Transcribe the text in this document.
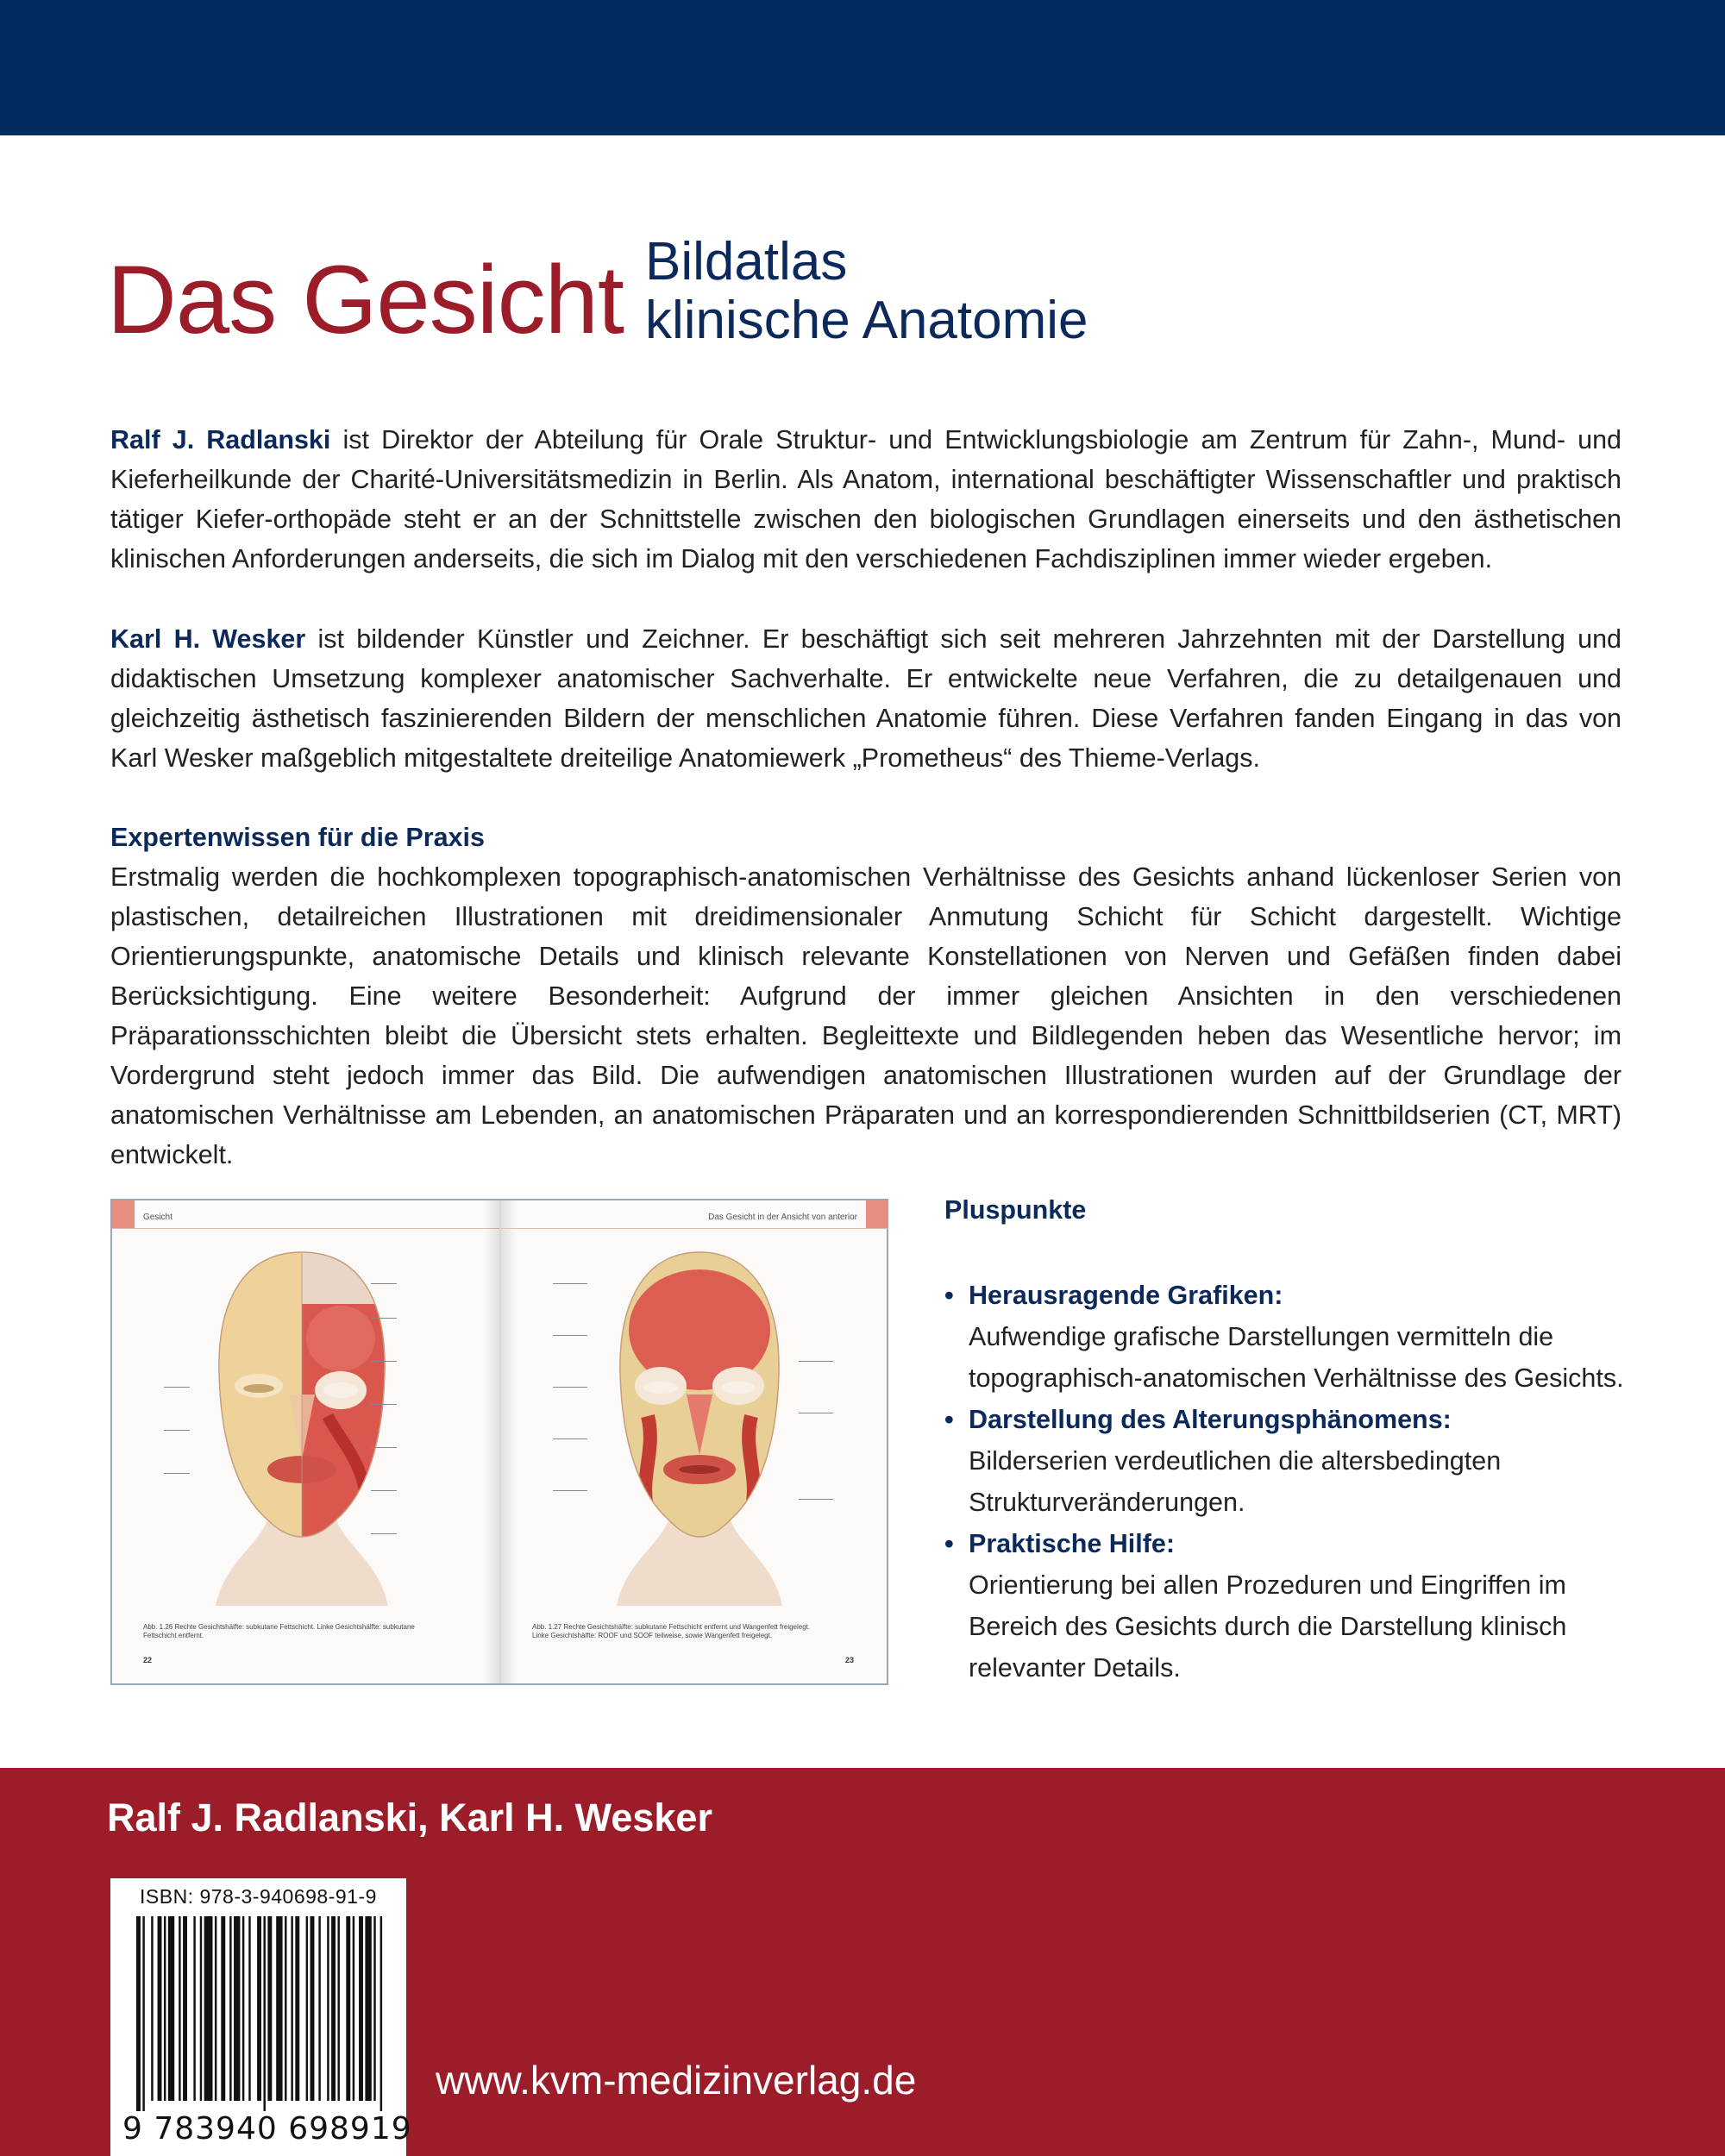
Das Gesicht Bildatlas
klinische Anatomie

Ralf J. Radlanski ist Direktor der Abteilung für Orale Struktur- und Entwicklungsbiologie am Zentrum für Zahn-, Mund- und Kieferheilkunde der Charité-Universitätsmedizin in Berlin. Als Anatom, international beschäftigter Wissenschaftler und praktisch tätiger Kiefer-orthopäde steht er an der Schnittstelle zwischen den biologischen Grundlagen einerseits und den ästhetischen klinischen Anforderungen anderseits, die sich im Dialog mit den verschiedenen Fachdisziplinen immer wieder ergeben.

Karl H. Wesker ist bildender Künstler und Zeichner. Er beschäftigt sich seit mehreren Jahrzehnten mit der Darstellung und didaktischen Umsetzung komplexer anatomischer Sachverhalte. Er entwickelte neue Verfahren, die zu detailgenauen und gleichzeitig ästhetisch faszinierenden Bildern der menschlichen Anatomie führen. Diese Verfahren fanden Eingang in das von Karl Wesker maßgeblich mitgestaltete dreiteilige Anatomiewerk „Prometheus“ des Thieme-Verlags.

Expertenwissen für die Praxis

Erstmalig werden die hochkomplexen topographisch-anatomischen Verhältnisse des Gesichts anhand lückenloser Serien von plastischen, detailreichen Illustrationen mit dreidimensionaler Anmutung Schicht für Schicht dargestellt. Wichtige Orientierungspunkte, anatomische Details und klinisch relevante Konstellationen von Nerven und Gefäßen finden dabei Berücksichtigung. Eine weitere Besonderheit: Aufgrund der immer gleichen Ansichten in den verschiedenen Präparationsschichten bleibt die Übersicht stets erhalten. Begleittexte und Bildlegenden heben das Wesentliche hervor; im Vordergrund steht jedoch immer das Bild. Die aufwendigen anatomischen Illustrationen wurden auf der Grundlage der anatomischen Verhältnisse am Lebenden, an anatomischen Präparaten und an korrespondierenden Schnittbildserien (CT, MRT) entwickelt.

Gesicht
Abb. 1.26 Rechte Gesichtshälfte: subkutane Fettschicht. Linke Gesichtshälfte: subkutane Fettschicht entfernt.
22
Das Gesicht in der Ansicht von anterior
Abb. 1.27 Rechte Gesichtshälfte: subkutane Fettschicht entfernt und Wangenfett freigelegt. Linke Gesichtshälfte: ROOF und SOOF teilweise, sowie Wangenfett freigelegt.
23
Pluspunkte
• Herausragende Grafiken:
Aufwendige grafische Darstellungen vermitteln die topographisch-anatomischen Verhältnisse des Gesichts.
• Darstellung des Alterungsphänomens:
Bilderserien verdeutlichen die altersbedingten Strukturveränderungen.
• Praktische Hilfe:
Orientierung bei allen Prozeduren und Eingriffen im Bereich des Gesichts durch die Darstellung klinisch relevanter Details.
Ralf J. Radlanski, Karl H. Wesker
ISBN: 978-3-940698-91-9
9 783940 698919
www.kvm-medizinverlag.de
